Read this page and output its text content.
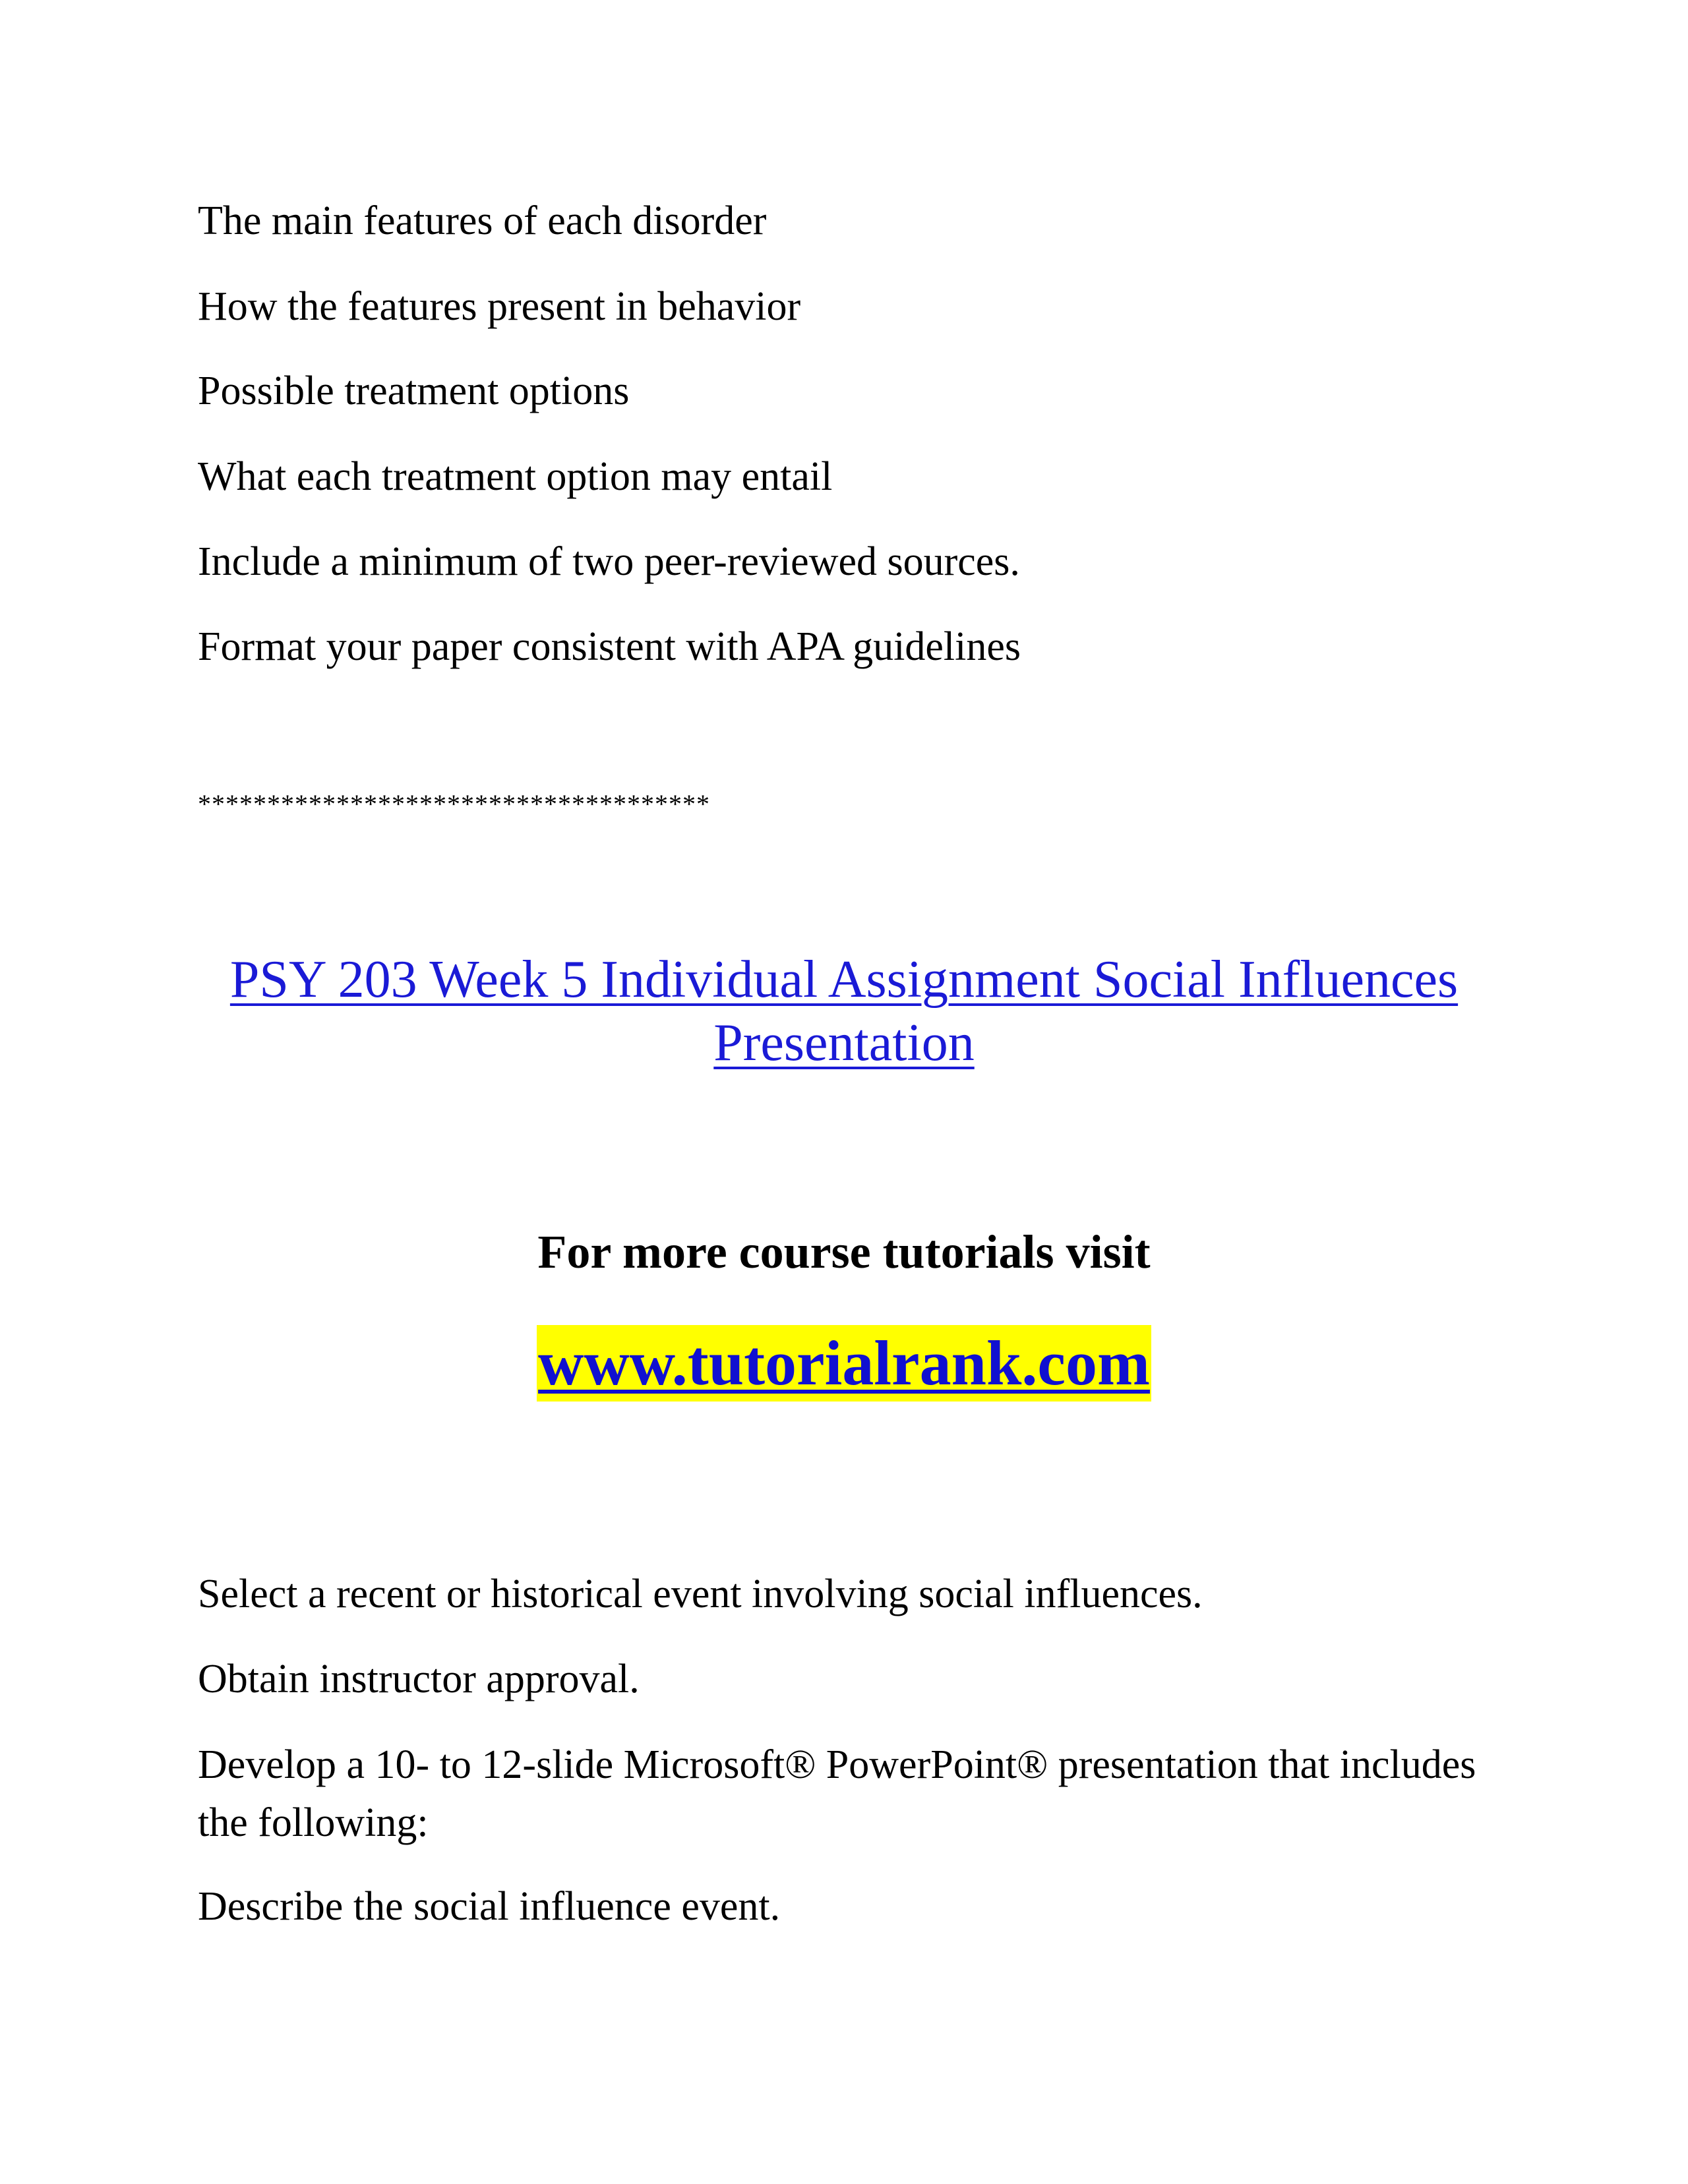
The main features of each disorder

How the features present in behavior

Possible treatment options

What each treatment option may entail

Include a minimum of two peer-reviewed sources.

Format your paper consistent with APA guidelines

*************************************

PSY 203 Week 5 Individual Assignment Social Influences
Presentation

For more course tutorials visit

www.tutorialrank.com

Select a recent or historical event involving social influences.

Obtain instructor approval.

Develop a 10- to 12-slide Microsoft® PowerPoint® presentation that includes the following:

Describe the social influence event.
